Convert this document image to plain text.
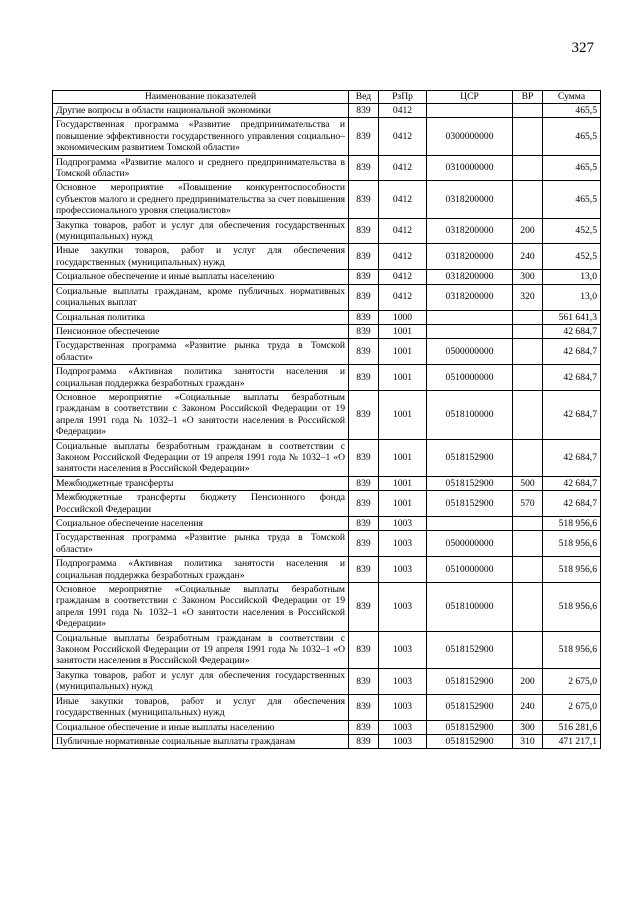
327
Наименование показателей	Вед	РзПр	ЦСР	ВР	Сумма
Другие вопросы в области национальной экономики	839	0412			465,5
Государственная программа «Развитие предпринимательства и повышение эффективности государственного управления социально–экономическим развитием Томской области»	839	0412	0300000000		465,5
Подпрограмма «Развитие малого и среднего предпринимательства в Томской области»	839	0412	0310000000		465,5
Основное мероприятие «Повышение конкурентоспособности субъектов малого и среднего предпринимательства за счет повышения профессионального уровня специалистов»	839	0412	0318200000		465,5
Закупка товаров, работ и услуг для обеспечения государственных (муниципальных) нужд	839	0412	0318200000	200	452,5
Иные закупки товаров, работ и услуг для обеспечения государственных (муниципальных) нужд	839	0412	0318200000	240	452,5
Социальное обеспечение и иные выплаты населению	839	0412	0318200000	300	13,0
Социальные выплаты гражданам, кроме публичных нормативных социальных выплат	839	0412	0318200000	320	13,0
Социальная политика	839	1000			561 641,3
Пенсионное обеспечение	839	1001			42 684,7
Государственная программа «Развитие рынка труда в Томской области»	839	1001	0500000000		42 684,7
Подпрограмма «Активная политика занятости населения и социальная поддержка безработных граждан»	839	1001	0510000000		42 684,7
Основное мероприятие «Социальные выплаты безработным гражданам в соответствии с Законом Российской Федерации от 19 апреля 1991 года № 1032–1 «О занятости населения в Российской Федерации»	839	1001	0518100000		42 684,7
Социальные выплаты безработным гражданам в соответствии с Законом Российской Федерации от 19 апреля 1991 года № 1032–1 «О занятости населения в Российской Федерации»	839	1001	0518152900		42 684,7
Межбюджетные трансферты	839	1001	0518152900	500	42 684,7
Межбюджетные трансферты бюджету Пенсионного фонда Российской Федерации	839	1001	0518152900	570	42 684,7
Социальное обеспечение населения	839	1003			518 956,6
Государственная программа «Развитие рынка труда в Томской области»	839	1003	0500000000		518 956,6
Подпрограмма «Активная политика занятости населения и социальная поддержка безработных граждан»	839	1003	0510000000		518 956,6
Основное мероприятие «Социальные выплаты безработным гражданам в соответствии с Законом Российской Федерации от 19 апреля 1991 года № 1032–1 «О занятости населения в Российской Федерации»	839	1003	0518100000		518 956,6
Социальные выплаты безработным гражданам в соответствии с Законом Российской Федерации от 19 апреля 1991 года № 1032–1 «О занятости населения в Российской Федерации»	839	1003	0518152900		518 956,6
Закупка товаров, работ и услуг для обеспечения государственных (муниципальных) нужд	839	1003	0518152900	200	2 675,0
Иные закупки товаров, работ и услуг для обеспечения государственных (муниципальных) нужд	839	1003	0518152900	240	2 675,0
Социальное обеспечение и иные выплаты населению	839	1003	0518152900	300	516 281,6
Публичные нормативные социальные выплаты гражданам	839	1003	0518152900	310	471 217,1
